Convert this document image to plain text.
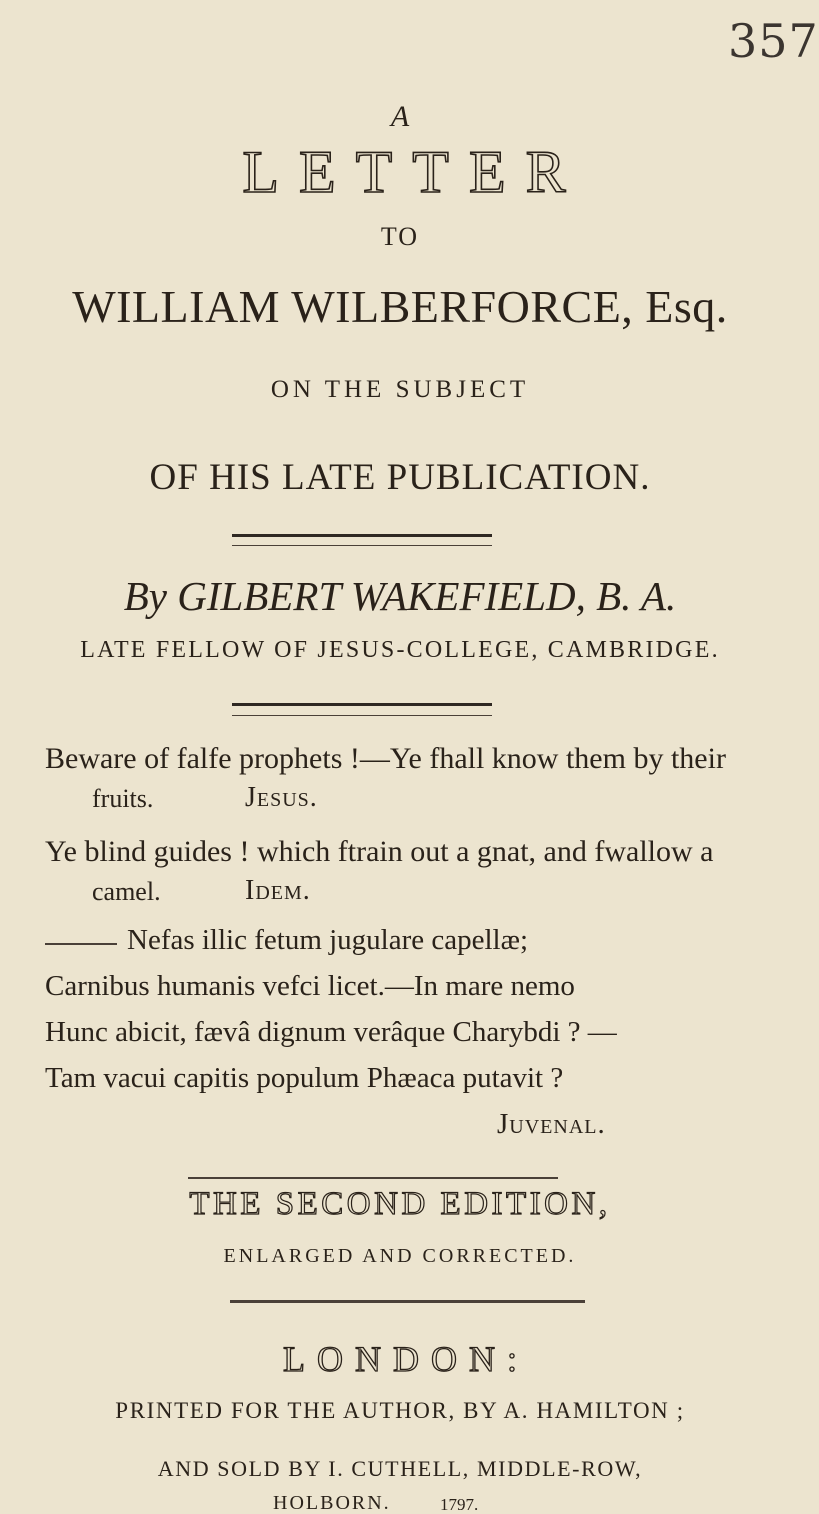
357
A
LETTER
TO
WILLIAM WILBERFORCE, Esq.
ON THE SUBJECT
OF HIS LATE PUBLICATION.
By GILBERT WAKEFIELD, B. A.
LATE FELLOW OF JESUS-COLLEGE, CAMBRIDGE.
Beware of falfe prophets !—Ye fhall know them by their
fruits.	Jesus.
Ye blind guides ! which ftrain out a gnat, and fwallow a
camel.	Idem.
Nefas illic fetum jugulare capellæ;
Carnibus humanis vefci licet.—In mare nemo
Hunc abicit, fævâ dignum verâque Charybdi ? —
Tam vacui capitis populum Phæaca putavit ?
Juvenal.
THE SECOND EDITION,
ENLARGED AND CORRECTED.
LONDON:
PRINTED FOR THE AUTHOR, BY A. HAMILTON ;
AND SOLD BY I. CUTHELL, MIDDLE-ROW,
HOLBORN.	1797.
